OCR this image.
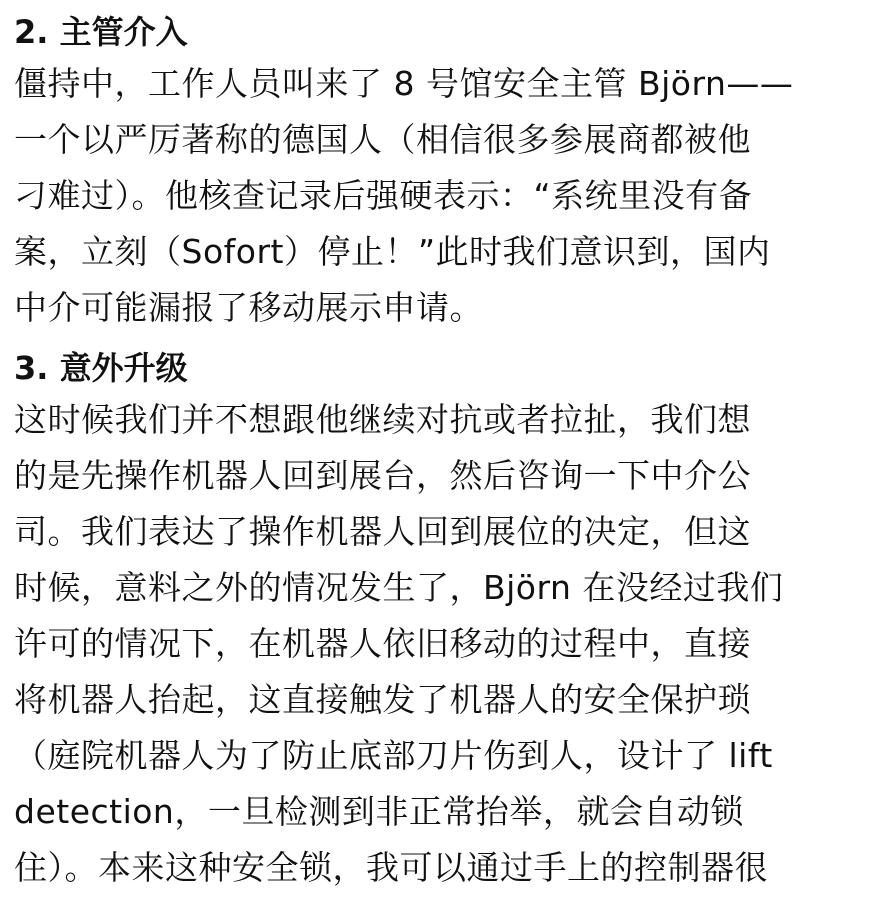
2. 主管介入
僵持中，工作人员叫来了 8 号馆安全主管 Björn——
一个以严厉著称的德国人（相信很多参展商都被他
刁难过）。他核查记录后强硬表示：“系统里没有备
案，立刻（Sofort）停止！”此时我们意识到，国内
中介可能漏报了移动展示申请。
3. 意外升级
这时候我们并不想跟他继续对抗或者拉扯，我们想
的是先操作机器人回到展台，然后咨询一下中介公
司。我们表达了操作机器人回到展位的决定，但这
时候，意料之外的情况发生了，Björn 在没经过我们
许可的情况下，在机器人依旧移动的过程中，直接
将机器人抬起，这直接触发了机器人的安全保护琐
（庭院机器人为了防止底部刀片伤到人，设计了 lift
detection，一旦检测到非正常抬举，就会自动锁
住）。本来这种安全锁，我可以通过手上的控制器很
